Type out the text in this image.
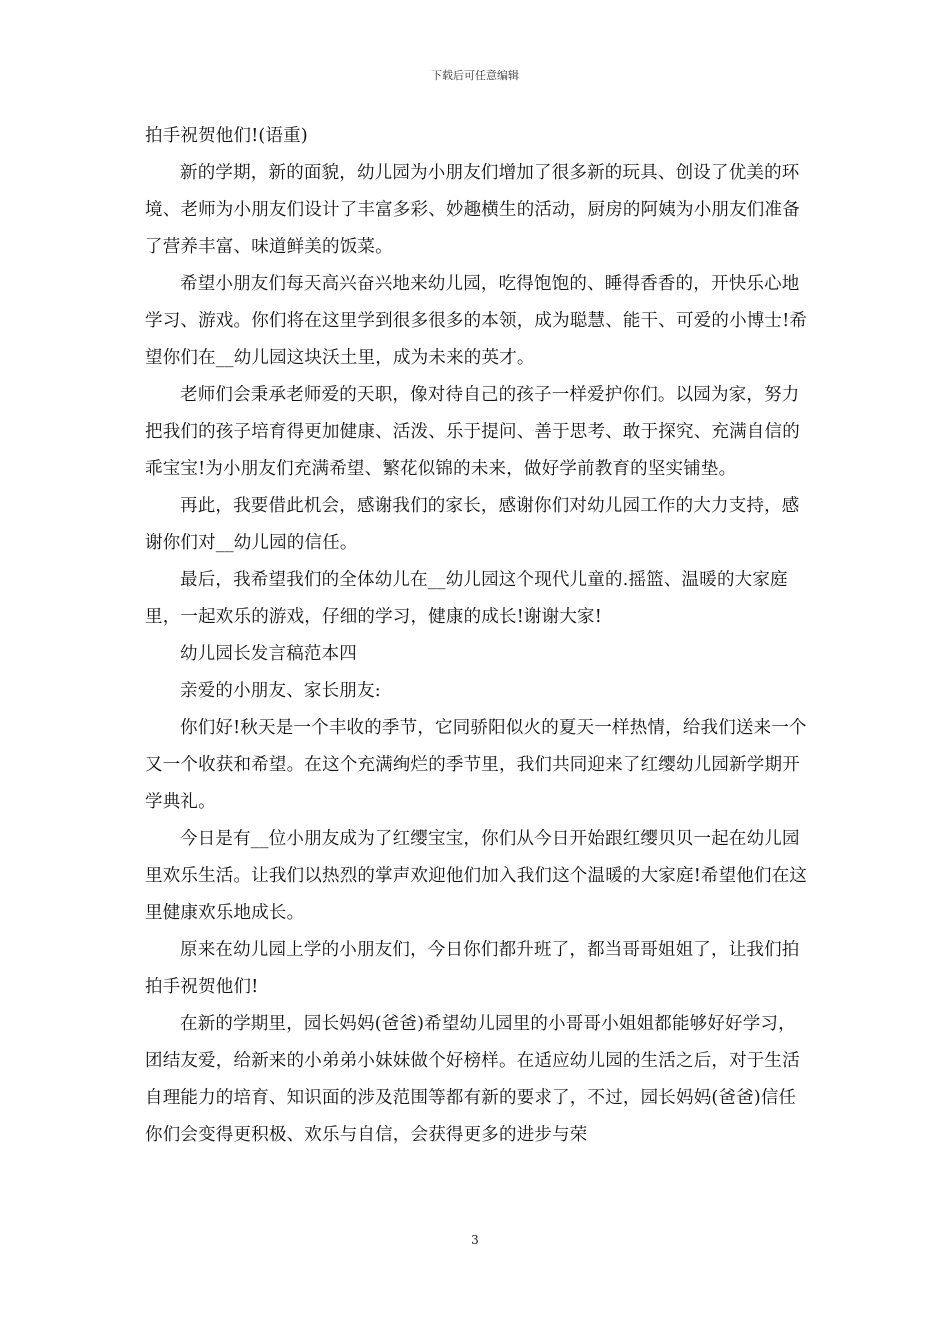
下载后可任意编辑

拍手祝贺他们!(语重)

新的学期，新的面貌，幼儿园为小朋友们增加了很多新的玩具、创设了优美的环境、老师为小朋友们设计了丰富多彩、妙趣横生的活动，厨房的阿姨为小朋友们准备了营养丰富、味道鲜美的饭菜。

希望小朋友们每天高兴奋兴地来幼儿园，吃得饱饱的、睡得香香的，开快乐心地学习、游戏。你们将在这里学到很多很多的本领，成为聪慧、能干、可爱的小博士!希望你们在__幼儿园这块沃土里，成为未来的英才。

老师们会秉承老师爱的天职，像对待自己的孩子一样爱护你们。以园为家，努力把我们的孩子培育得更加健康、活泼、乐于提问、善于思考、敢于探究、充满自信的乖宝宝!为小朋友们充满希望、繁花似锦的未来，做好学前教育的坚实铺垫。

再此，我要借此机会，感谢我们的家长，感谢你们对幼儿园工作的大力支持，感谢你们对__幼儿园的信任。

最后，我希望我们的全体幼儿在__幼儿园这个现代儿童的.摇篮、温暖的大家庭里，一起欢乐的游戏，仔细的学习，健康的成长!谢谢大家!

幼儿园长发言稿范本四

亲爱的小朋友、家长朋友:

你们好!秋天是一个丰收的季节，它同骄阳似火的夏天一样热情，给我们送来一个又一个收获和希望。在这个充满绚烂的季节里，我们共同迎来了红缨幼儿园新学期开学典礼。

今日是有__位小朋友成为了红缨宝宝，你们从今日开始跟红缨贝贝一起在幼儿园里欢乐生活。让我们以热烈的掌声欢迎他们加入我们这个温暖的大家庭!希望他们在这里健康欢乐地成长。

原来在幼儿园上学的小朋友们，今日你们都升班了，都当哥哥姐姐了，让我们拍拍手祝贺他们!

在新的学期里，园长妈妈(爸爸)希望幼儿园里的小哥哥小姐姐都能够好好学习，团结友爱，给新来的小弟弟小妹妹做个好榜样。在适应幼儿园的生活之后，对于生活自理能力的培育、知识面的涉及范围等都有新的要求了，不过，园长妈妈(爸爸)信任你们会变得更积极、欢乐与自信，会获得更多的进步与荣

3
